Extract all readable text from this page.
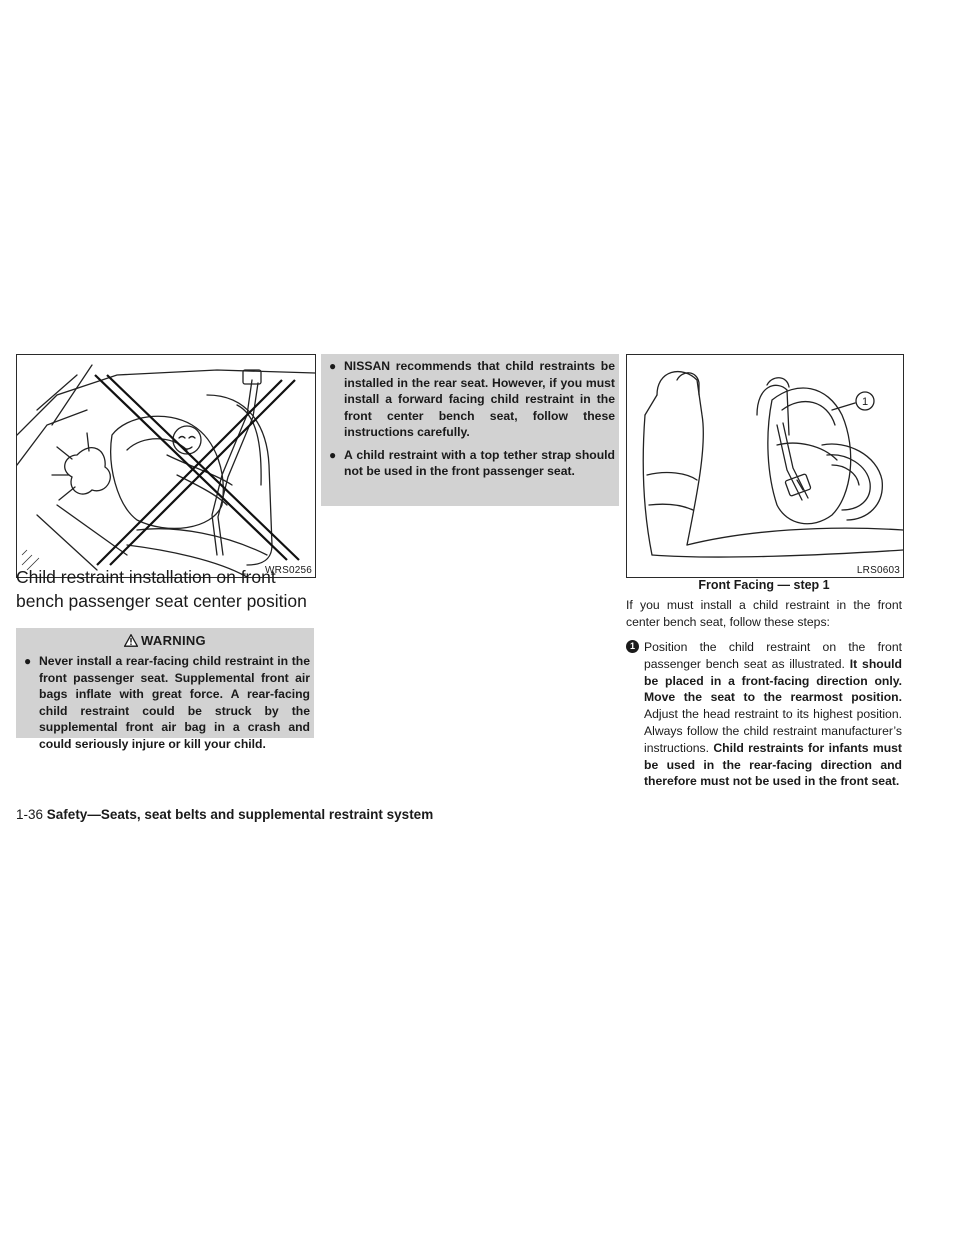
WRS0256
Child restraint installation on front bench passenger seat center position
WARNING
● Never install a rear-facing child restraint in the front passenger seat. Supplemental front air bags inflate with great force. A rear-facing child restraint could be struck by the supplemental front air bag in a crash and could seriously injure or kill your child.
● NISSAN recommends that child restraints be installed in the rear seat. However, if you must install a forward facing child restraint in the front center bench seat, follow these instructions carefully.
● A child restraint with a top tether strap should not be used in the front passenger seat.
1
LRS0603
Front Facing — step 1
If you must install a child restraint in the front center bench seat, follow these steps:
1 Position the child restraint on the front passenger bench seat as illustrated. It should be placed in a front-facing direction only. Move the seat to the rearmost position. Adjust the head restraint to its highest position. Always follow the child restraint manufacturer’s instructions. Child restraints for infants must be used in the rear-facing direction and therefore must not be used in the front seat.
1-36 Safety—Seats, seat belts and supplemental restraint system
